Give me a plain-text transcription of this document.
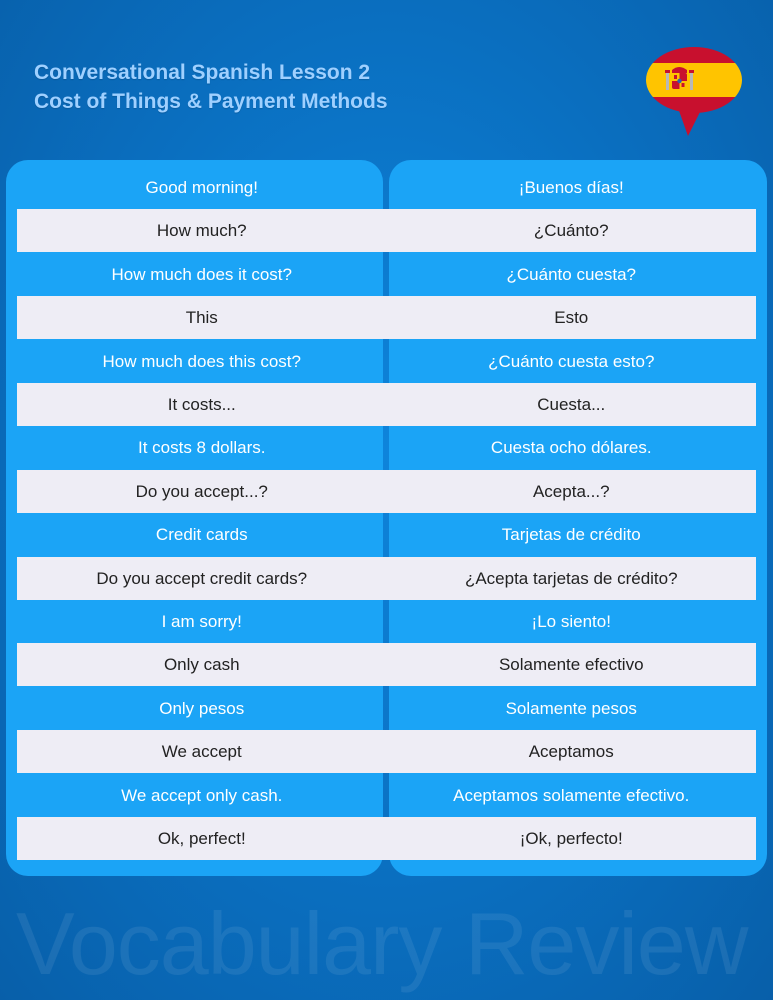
Conversational Spanish Lesson 2
Cost of Things & Payment Methods
Good morning!	¡Buenos días!
How much?	¿Cuánto?
How much does it cost?	¿Cuánto cuesta?
This	Esto
How much does this cost?	¿Cuánto cuesta esto?
It costs...	Cuesta...
It costs 8 dollars.	Cuesta ocho dólares.
Do you accept...?	Acepta...?
Credit cards	Tarjetas de crédito
Do you accept credit cards?	¿Acepta tarjetas de crédito?
I am sorry!	¡Lo siento!
Only cash	Solamente efectivo
Only pesos	Solamente pesos
We accept	Aceptamos
We accept only cash.	Aceptamos solamente efectivo.
Ok, perfect!	¡Ok, perfecto!
Vocabulary Review
